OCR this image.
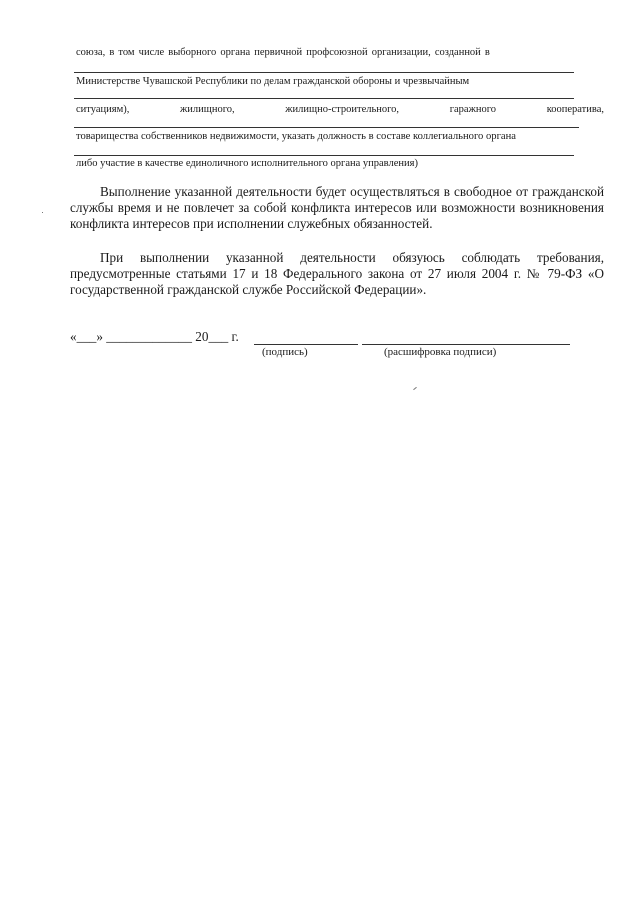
союза, в том числе выборного органа первичной профсоюзной организации, созданной в
Министерстве Чувашской Республики по делам гражданской обороны и чрезвычайным
ситуациям),	жилищного,	жилищно-строительного,	гаражного	кооператива,
товарищества собственников недвижимости, указать должность в составе коллегиального органа
либо участие в качестве единоличного исполнительного органа управления)
Выполнение указанной деятельности будет осуществляться в свободное от гражданской службы время и не повлечет за собой конфликта интересов или возможности возникновения конфликта интересов при исполнении служебных обязанностей.
При выполнении указанной деятельности обязуюсь соблюдать требования, предусмотренные статьями 17 и 18 Федерального закона от 27 июля 2004 г. № 79-ФЗ «О государственной гражданской службе Российской Федерации».
«___» _____________ 20___ г.
(подпись)	(расшифровка подписи)
